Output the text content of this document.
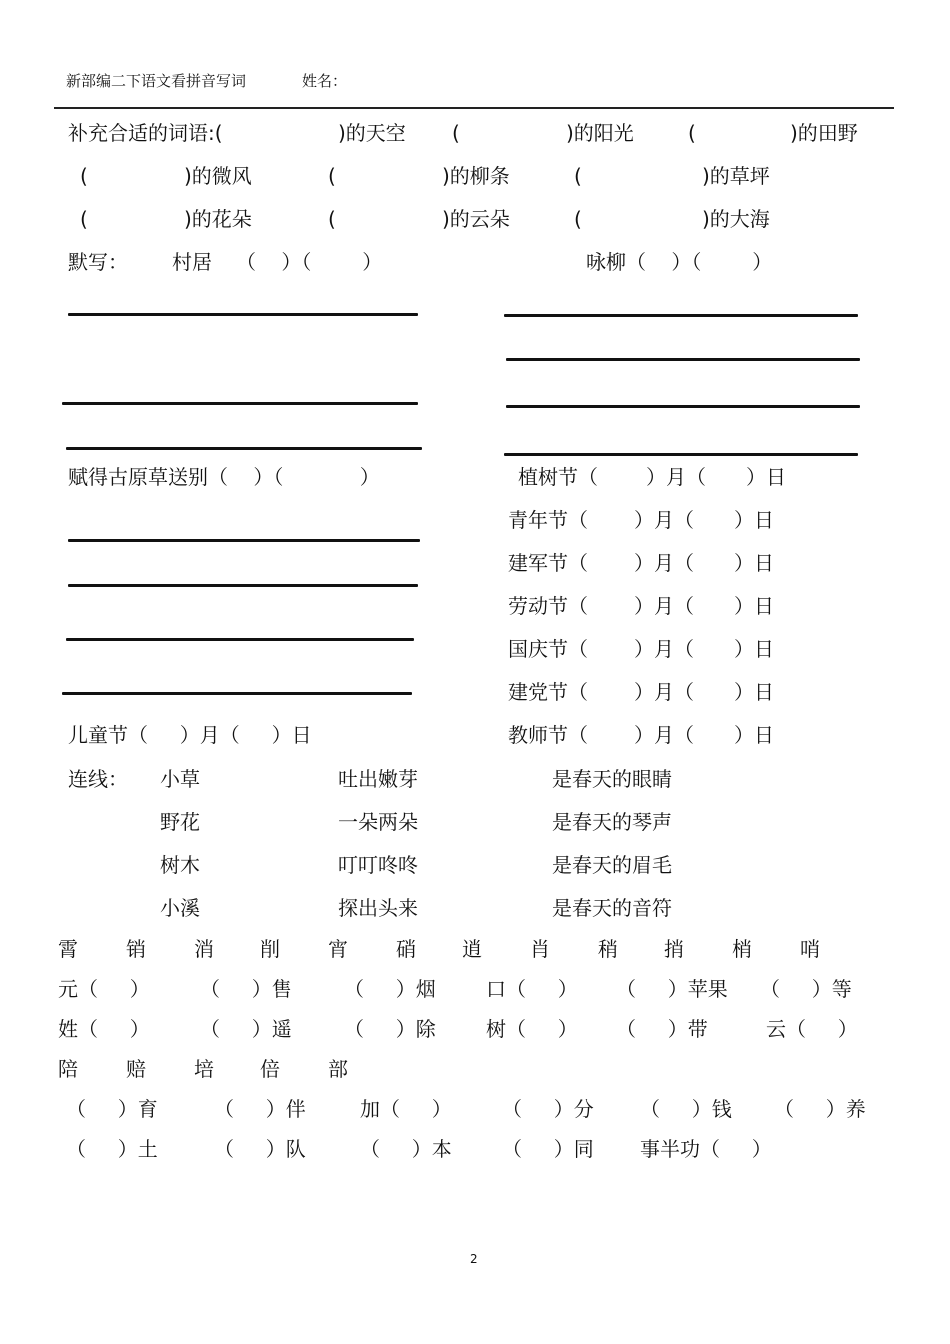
新部编二下语文看拼音写词	姓名：
补充合适的词语:(	)的天空 (	)的阳光	(	)的田野
(	)的微风	(	)的柳条	(	)的草坪
(	)的花朵	(	)的云朵	(	)的大海
默写： 村居 （    ）（        ）	咏柳（    ）（        ）
赋得古原草送别（    ）（            ）	植树节（ ）月（ ）日
青年节（ ）月（ ）日
建军节（ ）月（ ）日
劳动节（ ）月（ ）日
国庆节（ ）月（ ）日
建党节（ ）月（ ）日
儿童节（     ）月（     ）日	教师节（ ）月（ ）日
连线： 小草	吐出嫩芽	是春天的眼睛
野花	一朵两朵	是春天的琴声
树木	叮叮咚咚	是春天的眉毛
小溪	探出头来	是春天的音符
霄 销 消 削 宵 硝 逍 肖 稍 捎 梢 哨
元（     ）	（     ）售	（     ）烟	口（     ） （     ）苹果 （     ）等
姓（     ）	（     ）遥	（     ）除	树（     ） （     ）带	云（     ）
陪 赔 培 倍 部
（     ）育	（     ）伴	加（     ）	（     ）分 （     ）钱 （     ）养
（     ）土	（     ）队	（     ）本	（     ）同 事半功（     ）
2
